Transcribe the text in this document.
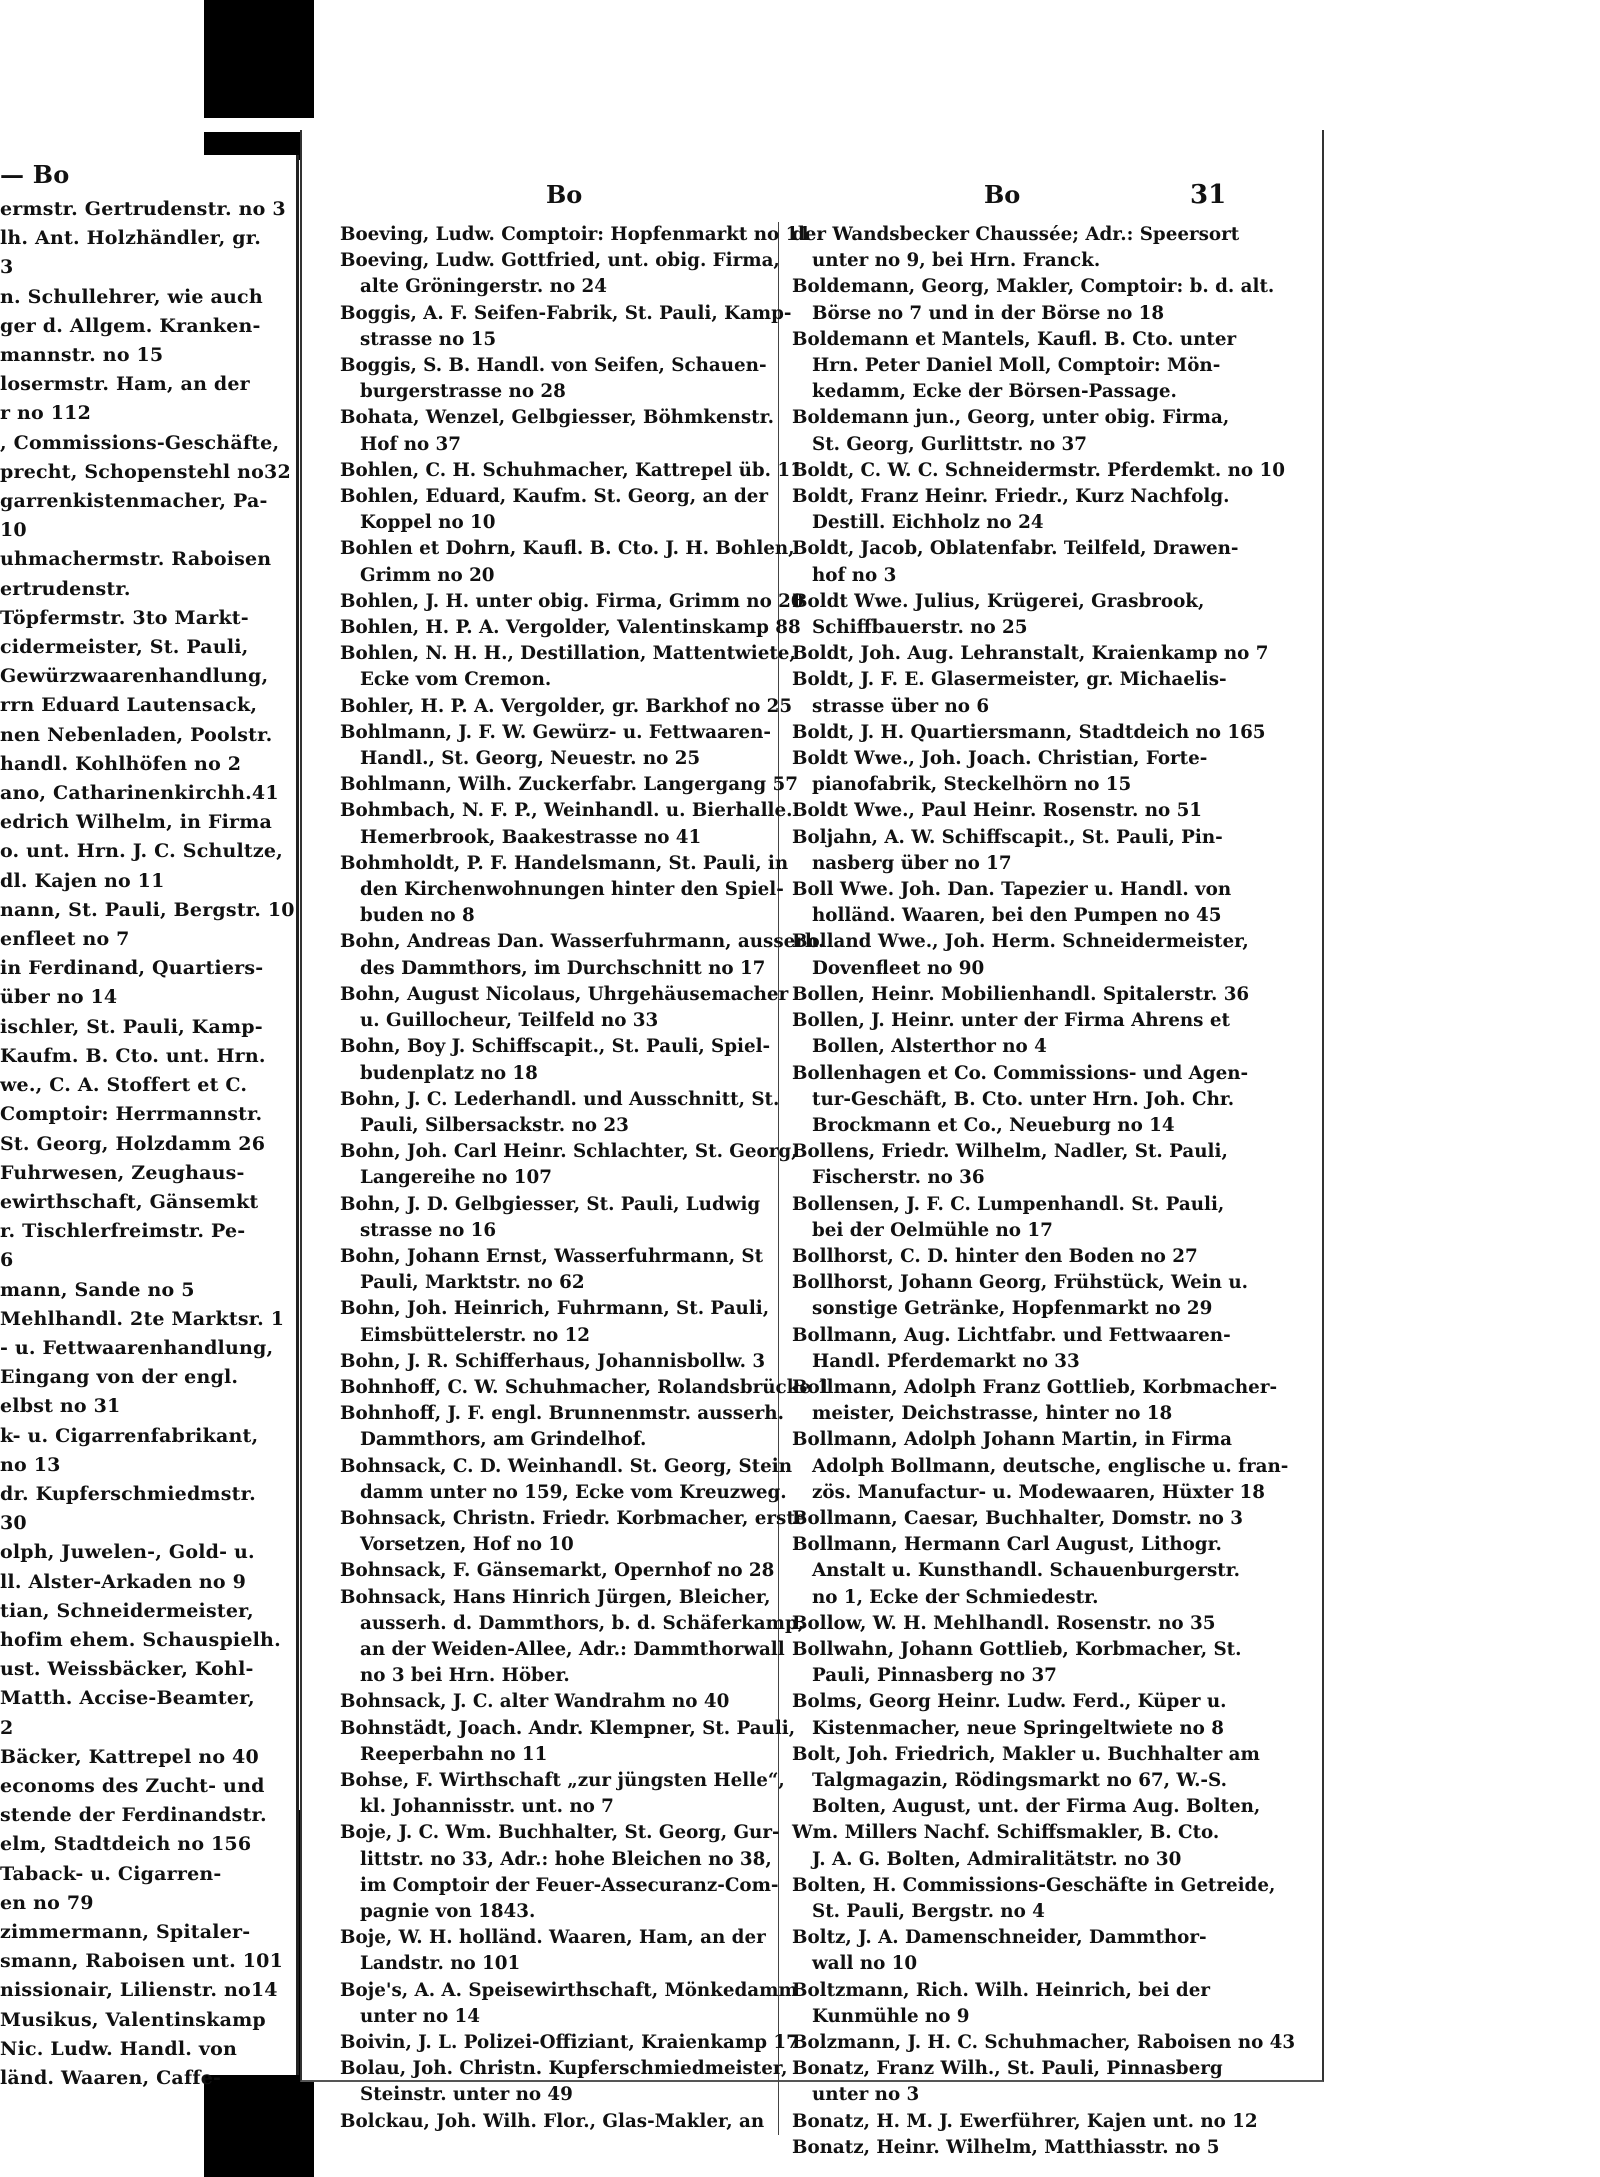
— Bo
ermstr. Gertrudenstr. no 3
lh. Ant. Holzhändler, gr.
3
n. Schullehrer, wie auch
ger d. Allgem. Kranken-
mannstr. no 15
losermstr. Ham, an der
r no 112
, Commissions-Geschäfte,
precht, Schopenstehl no32
garrenkistenmacher, Pa-
10
uhmachermstr. Raboisen
ertrudenstr.
Töpfermstr. 3to Markt-
cidermeister, St. Pauli,
Gewürzwaarenhandlung,
rrn Eduard Lautensack,
nen Nebenladen, Poolstr.
handl. Kohlhöfen no 2
ano, Catharinenkirchh.41
edrich Wilhelm, in Firma
o. unt. Hrn. J. C. Schultze,
dl. Kajen no 11
nann, St. Pauli, Bergstr. 10
enfleet no 7
in Ferdinand, Quartiers-
über no 14
ischler, St. Pauli, Kamp-
Kaufm. B. Cto. unt. Hrn.
we., C. A. Stoffert et C.
Comptoir: Herrmannstr.
St. Georg, Holzdamm 26
Fuhrwesen, Zeughaus-
ewirthschaft, Gänsemkt
r. Tischlerfreimstr. Pe-
6
mann, Sande no 5
Mehlhandl. 2te Marktsr. 1
- u. Fettwaarenhandlung,
Eingang von der engl.
elbst no 31
k- u. Cigarrenfabrikant,
no 13
dr. Kupferschmiedmstr.
30
olph, Juwelen-, Gold- u.
ll. Alster-Arkaden no 9
tian, Schneidermeister,
hofim ehem. Schauspielh.
ust. Weissbäcker, Kohl-
Matth. Accise-Beamter,
2
Bäcker, Kattrepel no 40
economs des Zucht- und
stende der Ferdinandstr.
elm, Stadtdeich no 156
Taback- u. Cigarren-
en no 79
zimmermann, Spitaler-
smann, Raboisen unt. 101
nissionair, Lilienstr. no14
Musikus, Valentinskamp
Nic. Ludw. Handl. von
länd. Waaren, Caffe-
Bo	Bo	31
Boeving, Ludw. Comptoir: Hopfenmarkt no 11
Boeving, Ludw. Gottfried, unt. obig. Firma,
alte Gröningerstr. no 24
Boggis, A. F. Seifen-Fabrik, St. Pauli, Kamp-
strasse no 15
Boggis, S. B. Handl. von Seifen, Schauen-
burgerstrasse no 28
Bohata, Wenzel, Gelbgiesser, Böhmkenstr.
Hof no 37
Bohlen, C. H. Schuhmacher, Kattrepel üb. 11
Bohlen, Eduard, Kaufm. St. Georg, an der
Koppel no 10
Bohlen et Dohrn, Kaufl. B. Cto. J. H. Bohlen,
Grimm no 20
Bohlen, J. H. unter obig. Firma, Grimm no 20
Bohlen, H. P. A. Vergolder, Valentinskamp 88
Bohlen, N. H. H., Destillation, Mattentwiete,
Ecke vom Cremon.
Bohler, H. P. A. Vergolder, gr. Barkhof no 25
Bohlmann, J. F. W. Gewürz- u. Fettwaaren-
Handl., St. Georg, Neuestr. no 25
Bohlmann, Wilh. Zuckerfabr. Langergang 57
Bohmbach, N. F. P., Weinhandl. u. Bierhalle.
Hemerbrook, Baakestrasse no 41
Bohmholdt, P. F. Handelsmann, St. Pauli, in
den Kirchenwohnungen hinter den Spiel-
buden no 8
Bohn, Andreas Dan. Wasserfuhrmann, ausserh.
des Dammthors, im Durchschnitt no 17
Bohn, August Nicolaus, Uhrgehäusemacher
u. Guillocheur, Teilfeld no 33
Bohn, Boy J. Schiffscapit., St. Pauli, Spiel-
budenplatz no 18
Bohn, J. C. Lederhandl. und Ausschnitt, St.
Pauli, Silbersackstr. no 23
Bohn, Joh. Carl Heinr. Schlachter, St. Georg,
Langereihe no 107
Bohn, J. D. Gelbgiesser, St. Pauli, Ludwig
strasse no 16
Bohn, Johann Ernst, Wasserfuhrmann, St
Pauli, Marktstr. no 62
Bohn, Joh. Heinrich, Fuhrmann, St. Pauli,
Eimsbüttelerstr. no 12
Bohn, J. R. Schifferhaus, Johannisbollw. 3
Bohnhoff, C. W. Schuhmacher, Rolandsbrücke 1
Bohnhoff, J. F. engl. Brunnenmstr. ausserh.
Dammthors, am Grindelhof.
Bohnsack, C. D. Weinhandl. St. Georg, Stein
damm unter no 159, Ecke vom Kreuzweg.
Bohnsack, Christn. Friedr. Korbmacher, erste
Vorsetzen, Hof no 10
Bohnsack, F. Gänsemarkt, Opernhof no 28
Bohnsack, Hans Hinrich Jürgen, Bleicher,
ausserh. d. Dammthors, b. d. Schäferkamp,
an der Weiden-Allee, Adr.: Dammthorwall
no 3 bei Hrn. Höber.
Bohnsack, J. C. alter Wandrahm no 40
Bohnstädt, Joach. Andr. Klempner, St. Pauli,
Reeperbahn no 11
Bohse, F. Wirthschaft „zur jüngsten Helle“,
kl. Johannisstr. unt. no 7
Boje, J. C. Wm. Buchhalter, St. Georg, Gur-
littstr. no 33, Adr.: hohe Bleichen no 38,
im Comptoir der Feuer-Assecuranz-Com-
pagnie von 1843.
Boje, W. H. holländ. Waaren, Ham, an der
Landstr. no 101
Boje's, A. A. Speisewirthschaft, Mönkedamm
unter no 14
Boivin, J. L. Polizei-Offiziant, Kraienkamp 17
Bolau, Joh. Christn. Kupferschmiedmeister,
Steinstr. unter no 49
Bolckau, Joh. Wilh. Flor., Glas-Makler, an
der Wandsbecker Chaussée; Adr.: Speersort
unter no 9, bei Hrn. Franck.
Boldemann, Georg, Makler, Comptoir: b. d. alt.
Börse no 7 und in der Börse no 18
Boldemann et Mantels, Kaufl. B. Cto. unter
Hrn. Peter Daniel Moll, Comptoir: Mön-
kedamm, Ecke der Börsen-Passage.
Boldemann jun., Georg, unter obig. Firma,
St. Georg, Gurlittstr. no 37
Boldt, C. W. C. Schneidermstr. Pferdemkt. no 10
Boldt, Franz Heinr. Friedr., Kurz Nachfolg.
Destill. Eichholz no 24
Boldt, Jacob, Oblatenfabr. Teilfeld, Drawen-
hof no 3
Boldt Wwe. Julius, Krügerei, Grasbrook,
Schiffbauerstr. no 25
Boldt, Joh. Aug. Lehranstalt, Kraienkamp no 7
Boldt, J. F. E. Glasermeister, gr. Michaelis-
strasse über no 6
Boldt, J. H. Quartiersmann, Stadtdeich no 165
Boldt Wwe., Joh. Joach. Christian, Forte-
pianofabrik, Steckelhörn no 15
Boldt Wwe., Paul Heinr. Rosenstr. no 51
Boljahn, A. W. Schiffscapit., St. Pauli, Pin-
nasberg über no 17
Boll Wwe. Joh. Dan. Tapezier u. Handl. von
holländ. Waaren, bei den Pumpen no 45
Bolland Wwe., Joh. Herm. Schneidermeister,
Dovenfleet no 90
Bollen, Heinr. Mobilienhandl. Spitalerstr. 36
Bollen, J. Heinr. unter der Firma Ahrens et
Bollen, Alsterthor no 4
Bollenhagen et Co. Commissions- und Agen-
tur-Geschäft, B. Cto. unter Hrn. Joh. Chr.
Brockmann et Co., Neueburg no 14
Bollens, Friedr. Wilhelm, Nadler, St. Pauli,
Fischerstr. no 36
Bollensen, J. F. C. Lumpenhandl. St. Pauli,
bei der Oelmühle no 17
Bollhorst, C. D. hinter den Boden no 27
Bollhorst, Johann Georg, Frühstück, Wein u.
sonstige Getränke, Hopfenmarkt no 29
Bollmann, Aug. Lichtfabr. und Fettwaaren-
Handl. Pferdemarkt no 33
Bollmann, Adolph Franz Gottlieb, Korbmacher-
meister, Deichstrasse, hinter no 18
Bollmann, Adolph Johann Martin, in Firma
Adolph Bollmann, deutsche, englische u. fran-
zös. Manufactur- u. Modewaaren, Hüxter 18
Bollmann, Caesar, Buchhalter, Domstr. no 3
Bollmann, Hermann Carl August, Lithogr.
Anstalt u. Kunsthandl. Schauenburgerstr.
no 1, Ecke der Schmiedestr.
Bollow, W. H. Mehlhandl. Rosenstr. no 35
Bollwahn, Johann Gottlieb, Korbmacher, St.
Pauli, Pinnasberg no 37
Bolms, Georg Heinr. Ludw. Ferd., Küper u.
Kistenmacher, neue Springeltwiete no 8
Bolt, Joh. Friedrich, Makler u. Buchhalter am
Talgmagazin, Rödingsmarkt no 67, W.-S.
Bolten, August, unt. der Firma Aug. Bolten,
Wm. Millers Nachf. Schiffsmakler, B. Cto.
J. A. G. Bolten, Admiralitätstr. no 30
Bolten, H. Commissions-Geschäfte in Getreide,
St. Pauli, Bergstr. no 4
Boltz, J. A. Damenschneider, Dammthor-
wall no 10
Boltzmann, Rich. Wilh. Heinrich, bei der
Kunmühle no 9
Bolzmann, J. H. C. Schuhmacher, Raboisen no 43
Bonatz, Franz Wilh., St. Pauli, Pinnasberg
unter no 3
Bonatz, H. M. J. Ewerführer, Kajen unt. no 12
Bonatz, Heinr. Wilhelm, Matthiasstr. no 5
